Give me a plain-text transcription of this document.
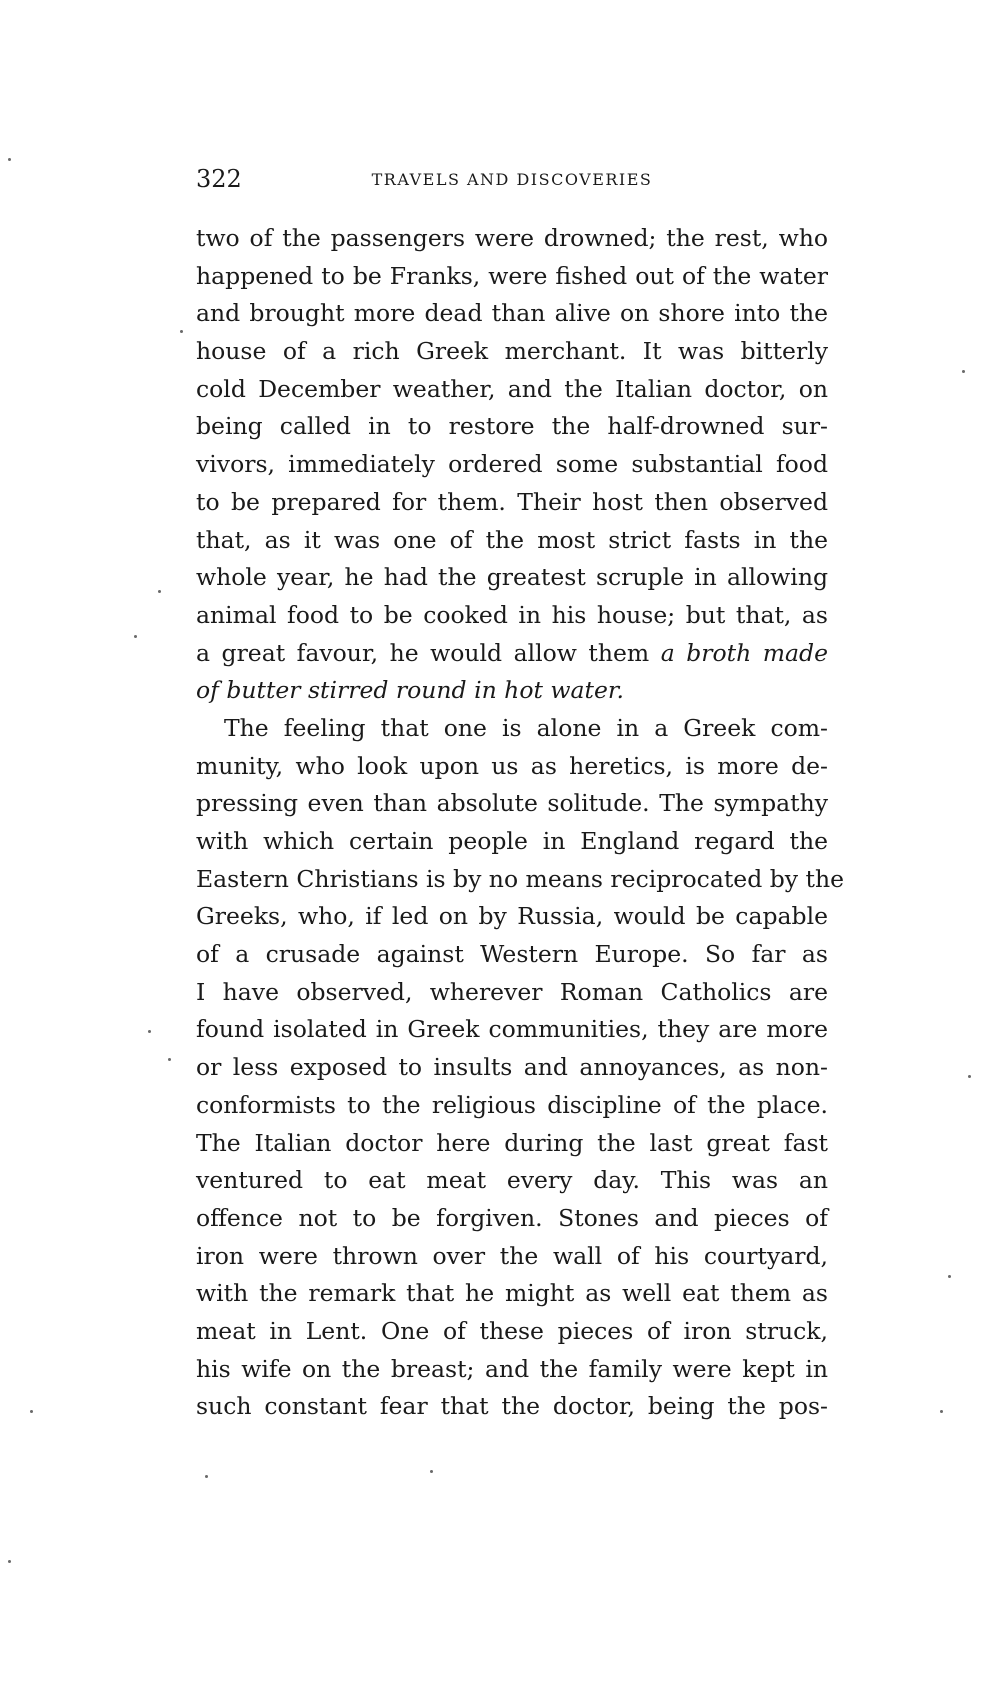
322	TRAVELS AND DISCOVERIES
two of the passengers were drowned; the rest, who
happened to be Franks, were fished out of the water
and brought more dead than alive on shore into the
house of a rich Greek merchant. It was bitterly
cold December weather, and the Italian doctor, on
being called in to restore the half-drowned sur-
vivors, immediately ordered some substantial food
to be prepared for them. Their host then observed
that, as it was one of the most strict fasts in the
whole year, he had the greatest scruple in allowing
animal food to be cooked in his house; but that, as
a great favour, he would allow them a broth made
of butter stirred round in hot water.
The feeling that one is alone in a Greek com-
munity, who look upon us as heretics, is more de-
pressing even than absolute solitude. The sympathy
with which certain people in England regard the
Eastern Christians is by no means reciprocated by the
Greeks, who, if led on by Russia, would be capable
of a crusade against Western Europe. So far as
I have observed, wherever Roman Catholics are
found isolated in Greek communities, they are more
or less exposed to insults and annoyances, as non-
conformists to the religious discipline of the place.
The Italian doctor here during the last great fast
ventured to eat meat every day. This was an
offence not to be forgiven. Stones and pieces of
iron were thrown over the wall of his courtyard,
with the remark that he might as well eat them as
meat in Lent. One of these pieces of iron struck,
his wife on the breast; and the family were kept in
such constant fear that the doctor, being the pos-
